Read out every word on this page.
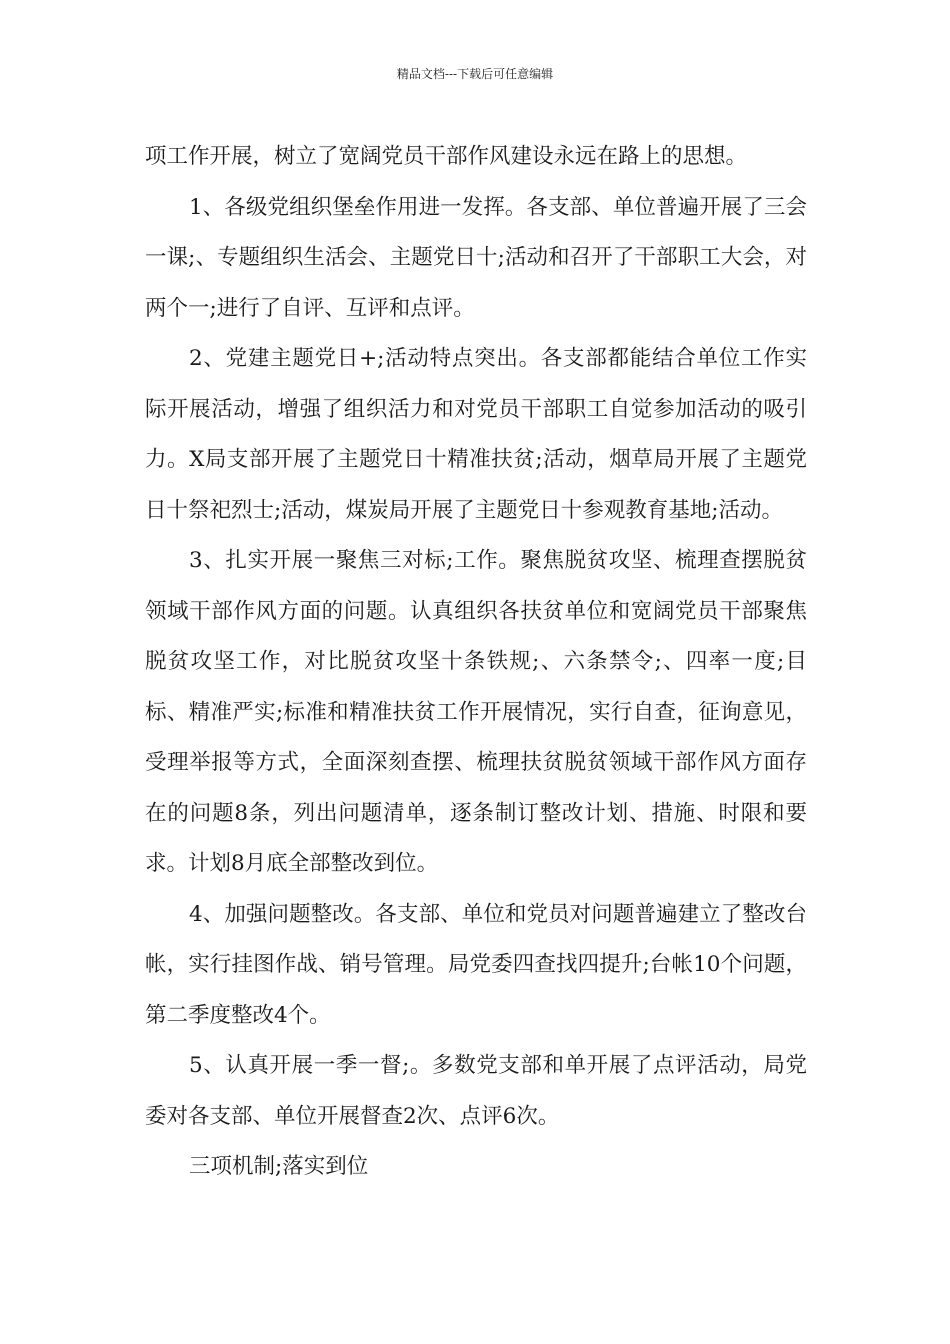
精品文档---下载后可任意编辑

项工作开展，树立了宽阔党员干部作风建设永远在路上的思想。

1、各级党组织堡垒作用进一发挥。各支部、单位普遍开展了三会一课;、专题组织生活会、主题党日十;活动和召开了干部职工大会，对两个一;进行了自评、互评和点评。

2、党建主题党日+;活动特点突出。各支部都能结合单位工作实际开展活动，增强了组织活力和对党员干部职工自觉参加活动的吸引力。X局支部开展了主题党日十精准扶贫;活动，烟草局开展了主题党日十祭祀烈士;活动，煤炭局开展了主题党日十参观教育基地;活动。

3、扎实开展一聚焦三对标;工作。聚焦脱贫攻坚、梳理查摆脱贫领域干部作风方面的问题。认真组织各扶贫单位和宽阔党员干部聚焦脱贫攻坚工作，对比脱贫攻坚十条铁规;、六条禁令;、四率一度;目标、精准严实;标准和精准扶贫工作开展情况，实行自查，征询意见，受理举报等方式，全面深刻查摆、梳理扶贫脱贫领域干部作风方面存在的问题8条，列出问题清单，逐条制订整改计划、措施、时限和要求。计划8月底全部整改到位。

4、加强问题整改。各支部、单位和党员对问题普遍建立了整改台帐，实行挂图作战、销号管理。局党委四查找四提升;台帐10个问题，第二季度整改4个。

5、认真开展一季一督;。多数党支部和单开展了点评活动，局党委对各支部、单位开展督查2次、点评6次。

三项机制;落实到位
